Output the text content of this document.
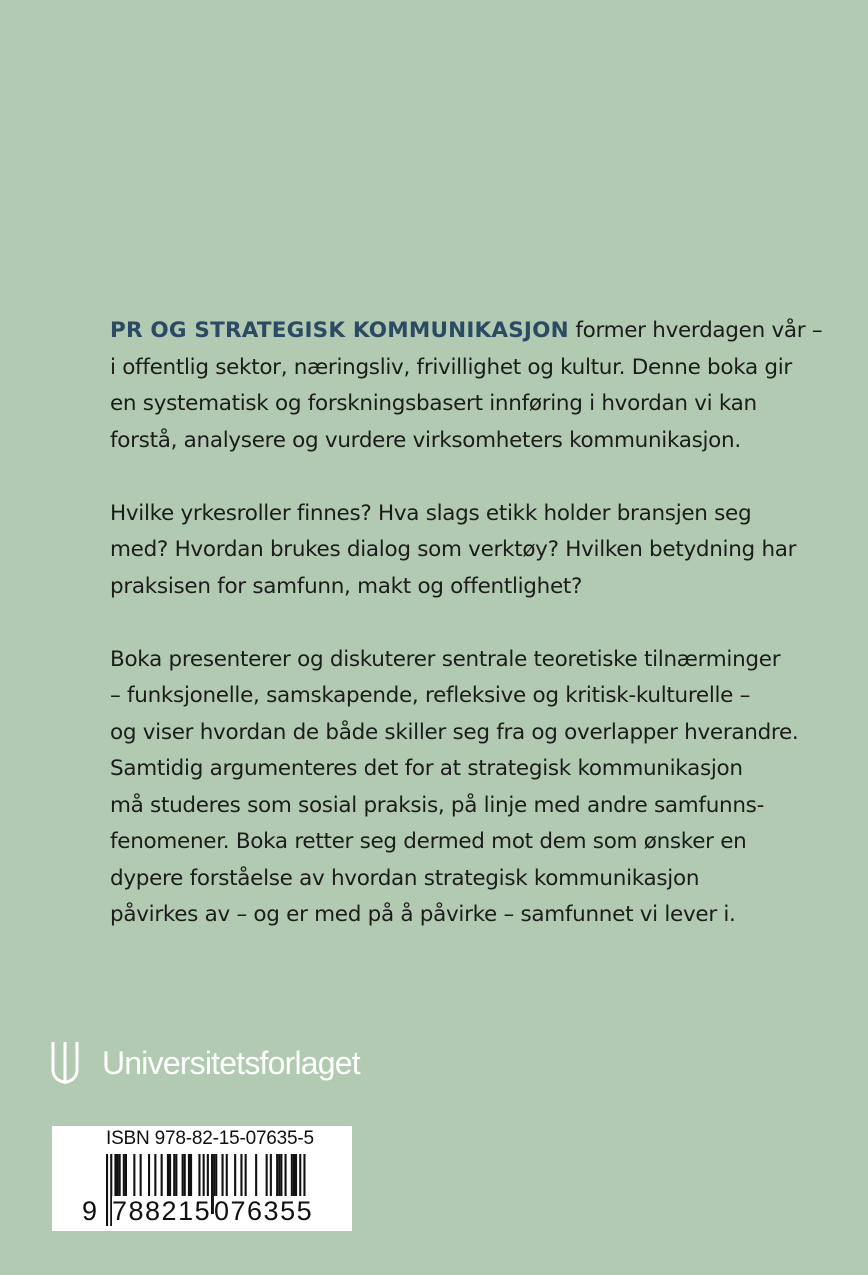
PR OG STRATEGISK KOMMUNIKASJON former hverdagen vår –
i offentlig sektor, næringsliv, frivillighet og kultur. Denne boka gir
en systematisk og forskningsbasert innføring i hvordan vi kan
forstå, analysere og vurdere virksomheters kommunikasjon.
Hvilke yrkesroller finnes? Hva slags etikk holder bransjen seg
med? Hvordan brukes dialog som verktøy? Hvilken betydning har
praksisen for samfunn, makt og offentlighet?
Boka presenterer og diskuterer sentrale teoretiske tilnærminger
– funksjonelle, samskapende, refleksive og kritisk-kulturelle –
og viser hvordan de både skiller seg fra og overlapper hverandre.
Samtidig argumenteres det for at strategisk kommunikasjon
må studeres som sosial praksis, på linje med andre samfunns-
fenomener. Boka retter seg dermed mot dem som ønsker en
dypere forståelse av hvordan strategisk kommunikasjon
påvirkes av – og er med på å påvirke – samfunnet vi lever i.
Universitetsforlaget
ISBN 978-82-15-07635-5
9 788215 076355
